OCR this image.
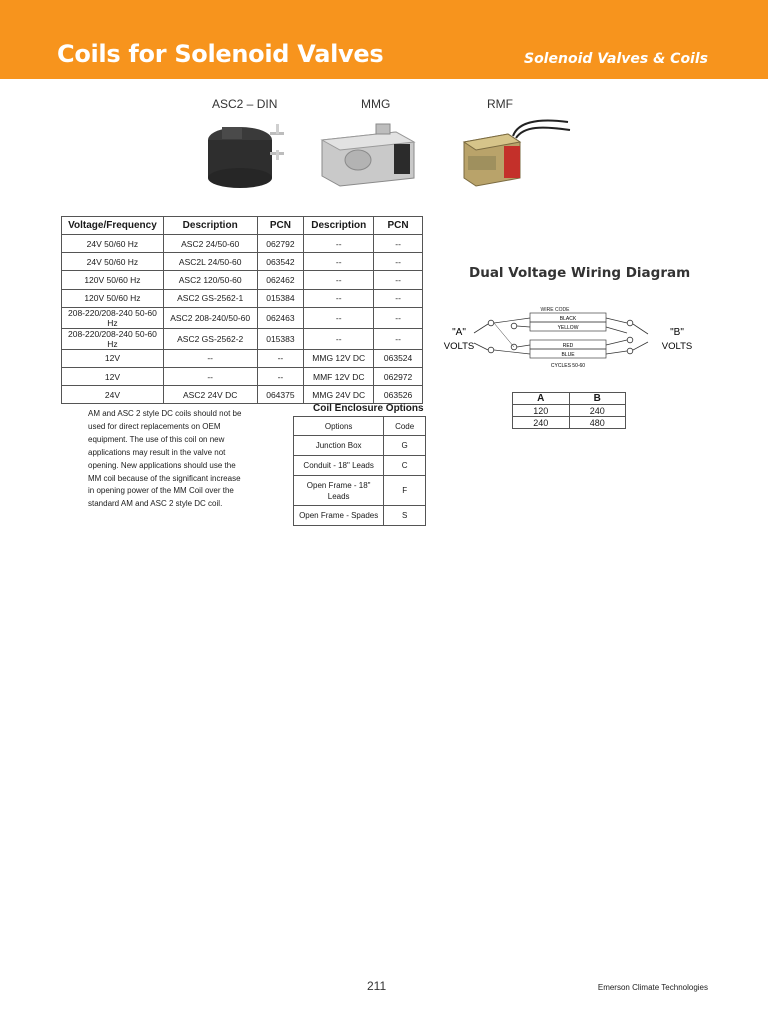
Coils for Solenoid Valves	Solenoid Valves & Coils
ASC2 – DIN	MMG	RMF
Voltage/Frequency	Description	PCN	Description	PCN
24V 50/60 Hz	ASC2 24/50-60	062792	--	--
24V 50/60 Hz	ASC2L 24/50-60	063542	--	--
120V 50/60 Hz	ASC2 120/50-60	062462	--	--
120V 50/60 Hz	ASC2 GS-2562-1	015384	--	--
208-220/208-240 50-60 Hz	ASC2 208-240/50-60	062463	--	--
208-220/208-240 50-60 Hz	ASC2 GS-2562-2	015383	--	--
12V	--	--	MMG 12V DC	063524
12V	--	--	MMF 12V DC	062972
24V	ASC2 24V DC	064375	MMG 24V DC	063526
AM and ASC 2 style DC coils should not be used for direct replacements on OEM equipment. The use of this coil on new applications may result in the valve not opening. New applications should use the MM coil because of the significant increase in opening power of the MM Coil over the standard AM and ASC 2 style DC coil.
Coil Enclosure Options
Options	Code
Junction Box	G
Conduit - 18" Leads	C
Open Frame - 18" Leads	F
Open Frame - Spades	S
Dual Voltage Wiring Diagram
WIRE CODE
BLACK
YELLOW
RED
BLUE
CYCLES 50-60
"A"
VOLTS
"B"
VOLTS
A	B
120	240
240	480
211	Emerson Climate Technologies
